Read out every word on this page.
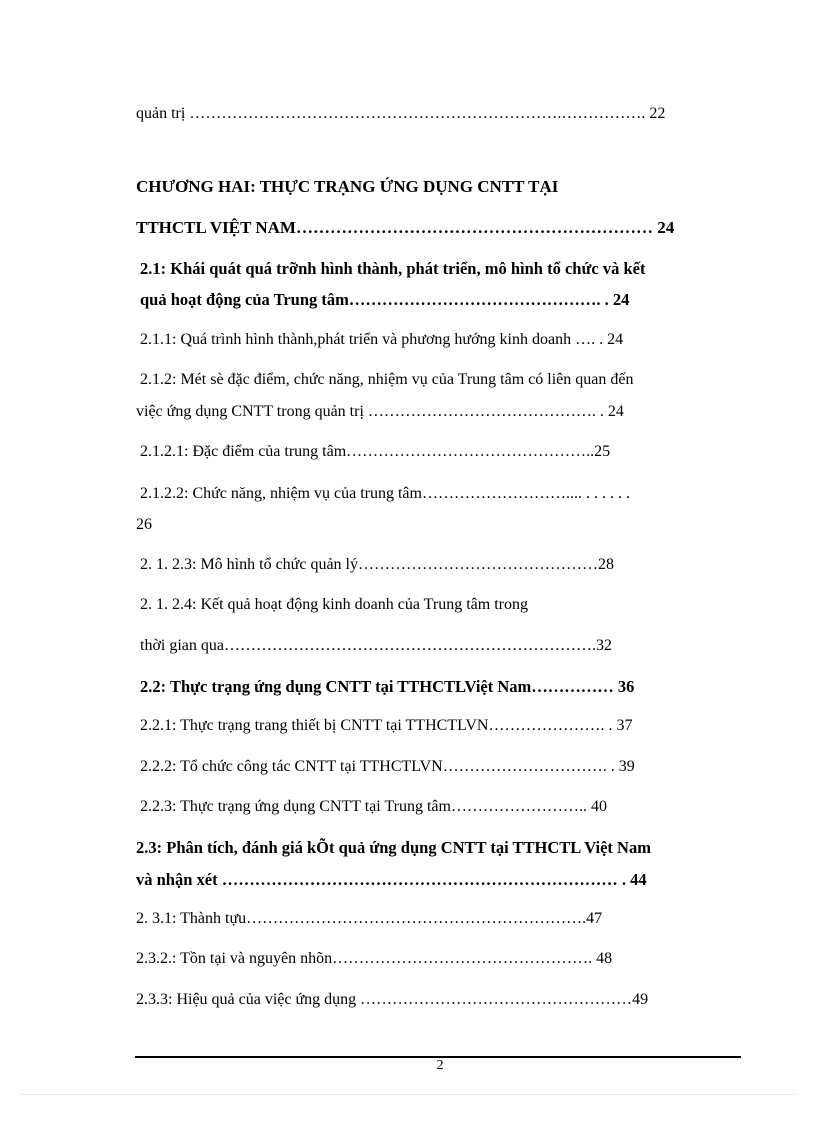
quản trị …………………………………………………………….……………. 22
CHƯƠNG HAI: THỰC TRẠNG ỨNG DỤNG CNTT TẠI
TTHCTL VIỆT NAM……………………………………………………… 24
2.1: Khái quát quá trỡnh hình thành, phát triển, mô hình tổ chức và kết
quả hoạt động của Trung tâm………………………………………. . 24
2.1.1: Quá trình hình thành,phát triển và phương hướng kinh doanh …. . 24
2.1.2: Mét sè đặc điểm, chức năng, nhiệm vụ của Trung tâm có liên quan đến
việc ứng dụng CNTT trong quản trị ……………………………………. . 24
2.1.2.1: Đặc điểm của trung tâm………………………………………..25
2.1.2.2: Chức năng, nhiệm vụ của trung tâm……………………….... . . . . . .
26
2. 1. 2.3: Mô hình tổ chức quản lý………………………………………28
2. 1. 2.4: Kết quả hoạt động kinh doanh của Trung tâm trong
thời gian qua…………………………………………………………….32
2.2: Thực trạng ứng dụng CNTT tại TTHCTLViệt Nam…………… 36
2.2.1: Thực trạng trang thiết bị CNTT tại TTHCTLVN…………………. . 37
2.2.2: Tổ chức công tác CNTT tại TTHCTLVN…………………………. . 39
2.2.3: Thực trạng ứng dụng CNTT tại Trung tâm…………………….. 40
2.3: Phân tích, đánh giá kÕt quả ứng dụng CNTT tại TTHCTL Việt Nam
và nhận xét ……………………………………………………………… . 44
2. 3.1: Thành tựu……………………………………………………….47
2.3.2.: Tồn tại và nguyên nhõn…………………………………………. 48
2.3.3: Hiệu quả của việc ứng dụng ……………………………………………49
2
